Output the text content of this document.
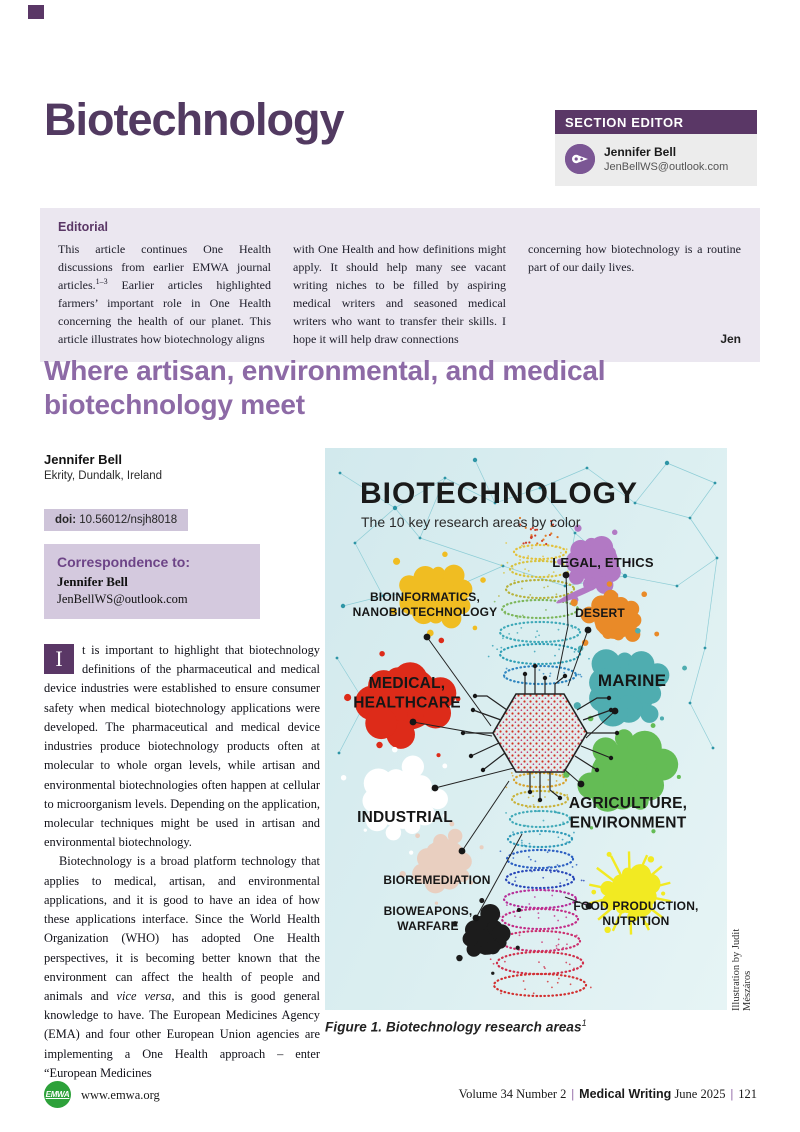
Biotechnology	SECTION EDITOR
Jennifer Bell
JenBellWS@outlook.com
Editorial
This article continues One Health discussions from earlier EMWA journal articles.$^{1-3}$ Earlier articles highlighted farmers’ important role in One Health concerning the health of our planet. This article illustrates how biotechnology aligns
with One Health and how definitions might apply. It should help many see vacant writing niches to be filled by aspiring medical writers and seasoned medical writers who want to transfer their skills. I hope it will help draw connections
concerning how biotechnology is a routine part of our daily lives.
Jen
Where artisan, environmental, and medical biotechnology meet
Jennifer Bell
Ekrity, Dundalk, Ireland
doi: 10.56012/nsjh8018
Correspondence to:
Jennifer Bell
JenBellWS@outlook.com

I	t is important to highlight that biotechnology definitions of the pharmaceutical and medical device industries were established to ensure consumer safety when medical biotechnology applications were developed. The pharmaceutical and medical device industries produce biotechnology products often at molecular to whole organ levels, while artisan and environmental biotechnologies often happen at cellular to microorganism levels. Depending on the application, molecular techniques might be used in artisan and environmental biotechnology.

Biotechnology is a broad platform technology that applies to medical, artisan, and environmental applications, and it is good to have an idea of how these applications interface. Since the World Health Organization (WHO) has adopted One Health perspectives, it is becoming better known that the environment can affect the health of people and animals and vice versa, and this is good general knowledge to have. The European Medicines Agency (EMA) and four other European Union agencies are implementing a One Health approach – enter “European Medicines

LEGAL, ETHICS
BIOINFORMATICS,
NANOBIOTECHNOLOGY	DESERT
MEDICAL,
HEALTHCARE
MARINE
INDUSTRIAL
AGRICULTURE,
ENVIRONMENT
BIOREMEDIATION
BIOWEAPONS,
WARFARE
FOOD PRODUCTION,
NUTRITION
BIOTECHNOLOGY
The 10 key research areas by color
Illustration by Judit Mészáros
Figure 1. Biotechnology research areas$^1$
EMWA www.emwa.org	Volume 34 Number 2 | Medical Writing June 2025 | 121
